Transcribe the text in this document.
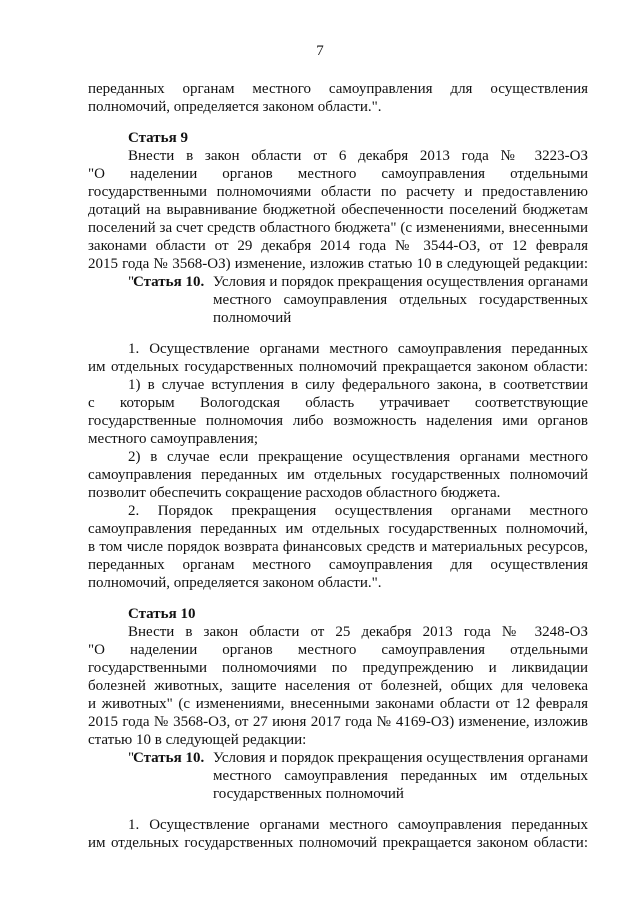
7
переданных органам местного самоуправления для осуществления
полномочий, определяется законом области.".
Статья 9
Внести в закон области от 6 декабря 2013 года № 3223-ОЗ
"О наделении органов местного самоуправления отдельными
государственными полномочиями области по расчету и предоставлению
дотаций на выравнивание бюджетной обеспеченности поселений бюджетам
поселений за счет средств областного бюджета" (с изменениями, внесенными
законами области от 29 декабря 2014 года № 3544-ОЗ, от 12 февраля
2015 года № 3568-ОЗ) изменение, изложив статью 10 в следующей редакции:
"
Статья 10. Условия и порядок прекращения осуществления органами
местного самоуправления отдельных государственных
полномочий
1. Осуществление органами местного самоуправления переданных
им отдельных государственных полномочий прекращается законом области:
1) в случае вступления в силу федерального закона, в соответствии
с которым Вологодская область утрачивает соответствующие
государственные полномочия либо возможность наделения ими органов
местного самоуправления;
2) в случае если прекращение осуществления органами местного
самоуправления переданных им отдельных государственных полномочий
позволит обеспечить сокращение расходов областного бюджета.
2. Порядок прекращения осуществления органами местного
самоуправления переданных им отдельных государственных полномочий,
в том числе порядок возврата финансовых средств и материальных ресурсов,
переданных органам местного самоуправления для осуществления
полномочий, определяется законом области.".
Статья 10
Внести в закон области от 25 декабря 2013 года № 3248-ОЗ
"О наделении органов местного самоуправления отдельными
государственными полномочиями по предупреждению и ликвидации
болезней животных, защите населения от болезней, общих для человека
и животных" (с изменениями, внесенными законами области от 12 февраля
2015 года № 3568-ОЗ, от 27 июня 2017 года № 4169-ОЗ) изменение, изложив
статью 10 в следующей редакции:
"
Статья 10. Условия и порядок прекращения осуществления органами
местного самоуправления переданных им отдельных
государственных полномочий
1. Осуществление органами местного самоуправления переданных
им отдельных государственных полномочий прекращается законом области:
